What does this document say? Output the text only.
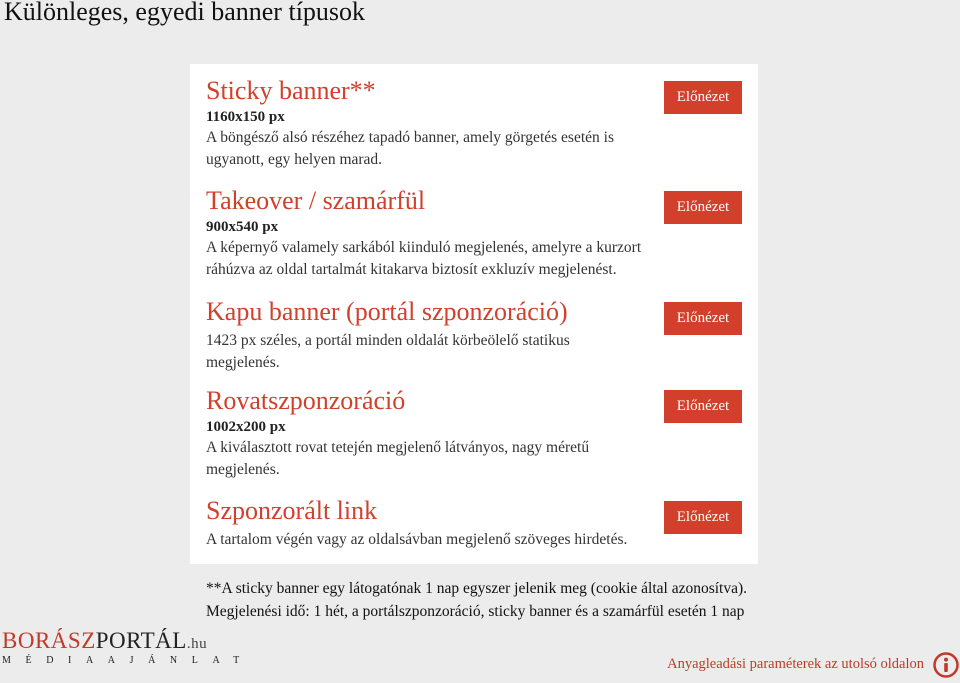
Különleges, egyedi banner típusok
Sticky banner**
1160x150 px
A böngésző alsó részéhez tapadó banner, amely görgetés esetén is ugyanott, egy helyen marad.
Előnézet
Takeover / szamárfül
900x540 px
A képernyő valamely sarkából kiinduló megjelenés, amelyre a kurzort ráhúzva az oldal tartalmát kitakarva biztosít exkluzív megjelenést.
Előnézet
Kapu banner (portál szponzoráció)
1423 px széles, a portál minden oldalát körbeölelő statikus megjelenés.
Előnézet
Rovatszponzoráció
1002x200 px
A kiválasztott rovat tetején megjelenő látványos, nagy méretű megjelenés.
Előnézet
Szponzorált link
A tartalom végén vagy az oldalsávban megjelenő szöveges hirdetés.
Előnézet
**A sticky banner egy látogatónak 1 nap egyszer jelenik meg (cookie által azonosítva).
Megjelenési idő: 1 hét, a portálszponzoráció, sticky banner és a szamárfül esetén 1 nap
BORÁSZPORTÁL.hu
MÉDIAAJÁNLAT	Anyagleadási paraméterek az utolsó oldalon
